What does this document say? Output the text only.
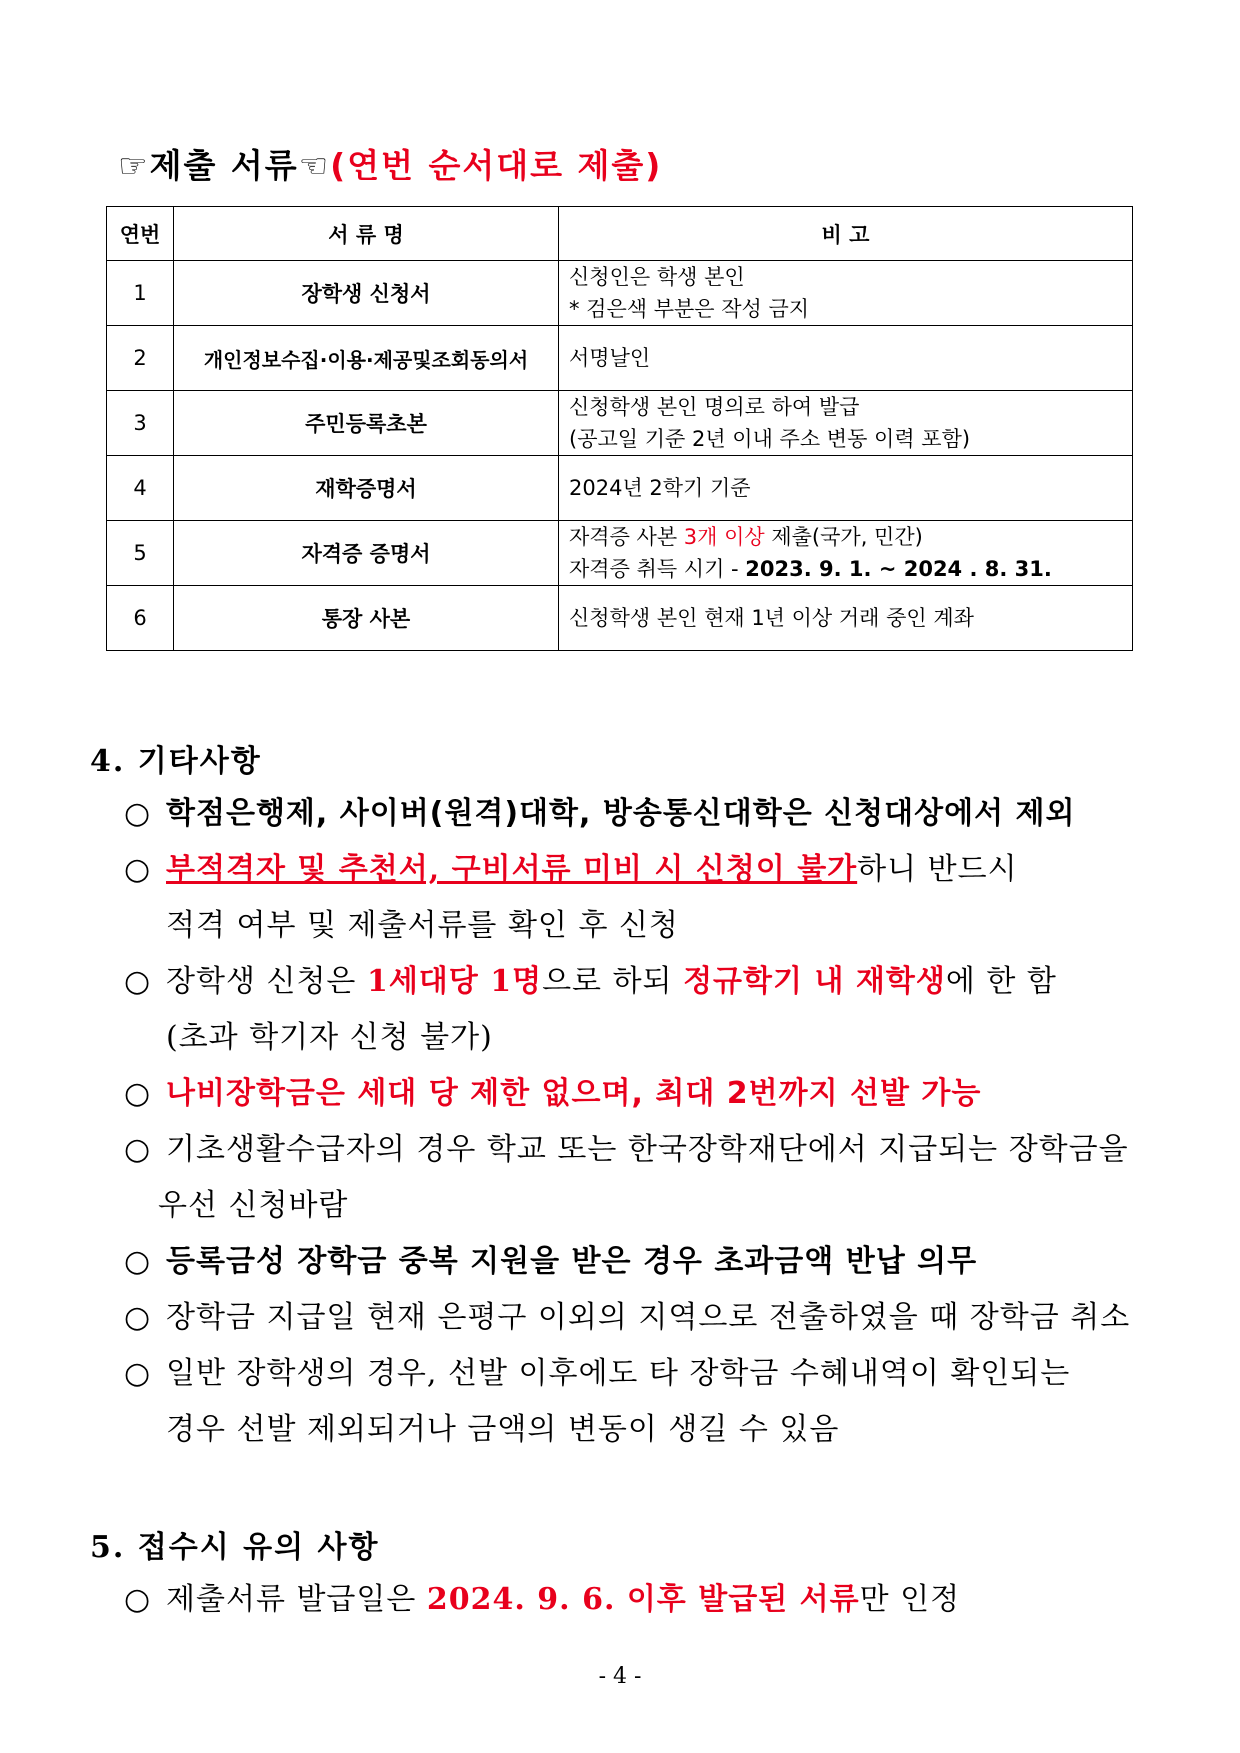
☞제출 서류☜(연번 순서대로 제출)
연번	서 류 명	비 고
1	장학생 신청서	신청인은 학생 본인
* 검은색 부분은 작성 금지

2	개인정보수집·이용·제공및조회동의서	서명날인

3	주민등록초본	신청학생 본인 명의로 하여 발급
(공고일 기준 2년 이내 주소 변동 이력 포함)

4	재학증명서	2024년 2학기 기준

5	자격증 증명서	자격증 사본 3개 이상 제출(국가, 민간)
자격증 취득 시기 - 2023. 9. 1. ~ 2024 . 8. 31.

6	통장 사본	신청학생 본인 현재 1년 이상 거래 중인 계좌
4. 기타사항
○ 학점은행제, 사이버(원격)대학, 방송통신대학은 신청대상에서 제외
○ 부적격자 및 추천서, 구비서류 미비 시 신청이 불가하니 반드시
적격 여부 및 제출서류를 확인 후 신청
○ 장학생 신청은 1세대당 1명으로 하되 정규학기 내 재학생에 한 함
(초과 학기자 신청 불가)
○ 나비장학금은 세대 당 제한 없으며, 최대 2번까지 선발 가능
○ 기초생활수급자의 경우 학교 또는 한국장학재단에서 지급되는 장학금을
우선 신청바람
○ 등록금성 장학금 중복 지원을 받은 경우 초과금액 반납 의무
○ 장학금 지급일 현재 은평구 이외의 지역으로 전출하였을 때 장학금 취소
○ 일반 장학생의 경우, 선발 이후에도 타 장학금 수혜내역이 확인되는
경우 선발 제외되거나 금액의 변동이 생길 수 있음
5. 접수시 유의 사항
○ 제출서류 발급일은 2024. 9. 6. 이후 발급된 서류만 인정
- 4 -
